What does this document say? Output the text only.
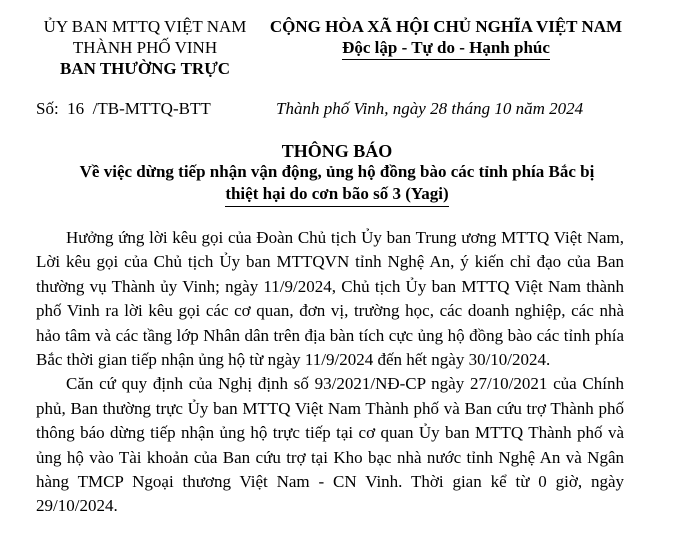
ỦY BAN MTTQ VIỆT NAM
THÀNH PHỐ VINH
BAN THƯỜNG TRỰC
CỘNG HÒA XÃ HỘI CHỦ NGHĨA VIỆT NAM
Độc lập - Tự do - Hạnh phúc
Số:  16  /TB-MTTQ-BTT	Thành phố Vinh, ngày 28 tháng 10 năm 2024
THÔNG BÁO
Về việc dừng tiếp nhận vận động, ủng hộ đồng bào các tỉnh phía Bắc bị
thiệt hại do cơn bão số 3 (Yagi)

Hưởng ứng lời kêu gọi của Đoàn Chủ tịch Ủy ban Trung ương MTTQ Việt Nam, Lời kêu gọi của Chủ tịch Ủy ban MTTQVN tỉnh Nghệ An, ý kiến chỉ đạo của Ban thường vụ Thành ủy Vinh; ngày 11/9/2024, Chủ tịch Ủy ban MTTQ Việt Nam thành phố Vinh ra lời kêu gọi các cơ quan, đơn vị, trường học, các doanh nghiệp, các nhà hảo tâm và các tầng lớp Nhân dân trên địa bàn tích cực ủng hộ đồng bào các tỉnh phía Bắc thời gian tiếp nhận ủng hộ từ ngày 11/9/2024 đến hết ngày 30/10/2024.

Căn cứ quy định của Nghị định số 93/2021/NĐ-CP ngày 27/10/2021 của Chính phủ, Ban thường trực Ủy ban MTTQ Việt Nam Thành phố và Ban cứu trợ Thành phố thông báo dừng tiếp nhận ủng hộ trực tiếp tại cơ quan Ủy ban MTTQ Thành phố và ủng hộ vào Tài khoản của Ban cứu trợ tại Kho bạc nhà nước tỉnh Nghệ An và Ngân hàng TMCP Ngoại thương Việt Nam - CN Vinh. Thời gian kể từ 0 giờ, ngày 29/10/2024.
